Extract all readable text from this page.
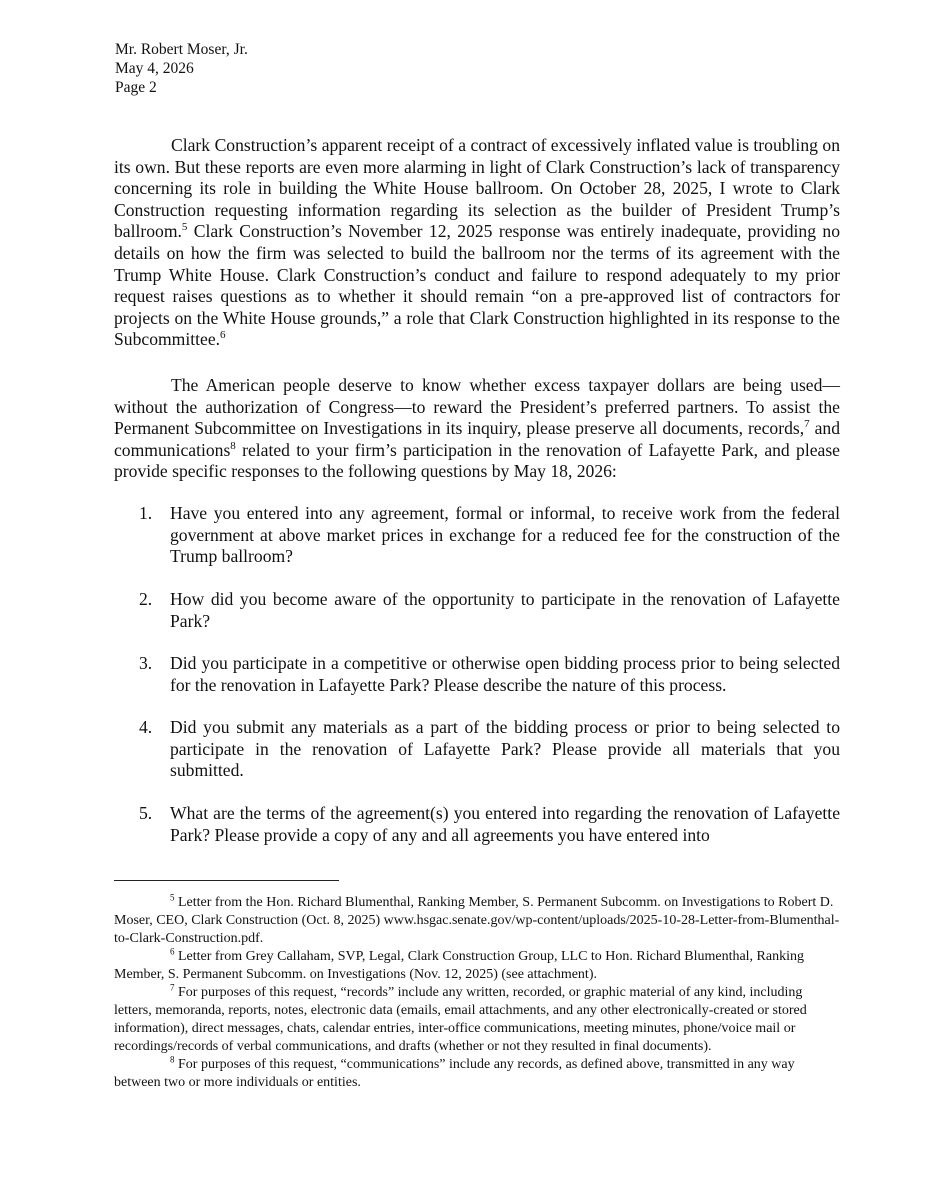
Mr. Robert Moser, Jr.
May 4, 2026
Page 2

Clark Construction’s apparent receipt of a contract of excessively inflated value is troubling on its own. But these reports are even more alarming in light of Clark Construction’s lack of transparency concerning its role in building the White House ballroom. On October 28, 2025, I wrote to Clark Construction requesting information regarding its selection as the builder of President Trump’s ballroom.$^5$ Clark Construction’s November 12, 2025 response was entirely inadequate, providing no details on how the firm was selected to build the ballroom nor the terms of its agreement with the Trump White House. Clark Construction’s conduct and failure to respond adequately to my prior request raises questions as to whether it should remain “on a pre-approved list of contractors for projects on the White House grounds,” a role that Clark Construction highlighted in its response to the Subcommittee.$^6$

The American people deserve to know whether excess taxpayer dollars are being used—without the authorization of Congress—to reward the President’s preferred partners. To assist the Permanent Subcommittee on Investigations in its inquiry, please preserve all documents, records,$^7$ and communications$^8$ related to your firm’s participation in the renovation of Lafayette Park, and please provide specific responses to the following questions by May 18, 2026:

1. Have you entered into any agreement, formal or informal, to receive work from the federal government at above market prices in exchange for a reduced fee for the construction of the Trump ballroom?
2. How did you become aware of the opportunity to participate in the renovation of Lafayette Park?
3. Did you participate in a competitive or otherwise open bidding process prior to being selected for the renovation in Lafayette Park? Please describe the nature of this process.
4. Did you submit any materials as a part of the bidding process or prior to being selected to participate in the renovation of Lafayette Park? Please provide all materials that you submitted.
5. What are the terms of the agreement(s) you entered into regarding the renovation of Lafayette Park? Please provide a copy of any and all agreements you have entered into

$^5$ Letter from the Hon. Richard Blumenthal, Ranking Member, S. Permanent Subcomm. on Investigations to Robert D. Moser, CEO, Clark Construction (Oct. 8, 2025) www.hsgac.senate.gov/wp-content/uploads/2025-10-28-Letter-from-Blumenthal-to-Clark-Construction.pdf.

$^6$ Letter from Grey Callaham, SVP, Legal, Clark Construction Group, LLC to Hon. Richard Blumenthal, Ranking Member, S. Permanent Subcomm. on Investigations (Nov. 12, 2025) (see attachment).

$^7$ For purposes of this request, “records” include any written, recorded, or graphic material of any kind, including letters, memoranda, reports, notes, electronic data (emails, email attachments, and any other electronically-created or stored information), direct messages, chats, calendar entries, inter-office communications, meeting minutes, phone/voice mail or recordings/records of verbal communications, and drafts (whether or not they resulted in final documents).

$^8$ For purposes of this request, “communications” include any records, as defined above, transmitted in any way between two or more individuals or entities.
